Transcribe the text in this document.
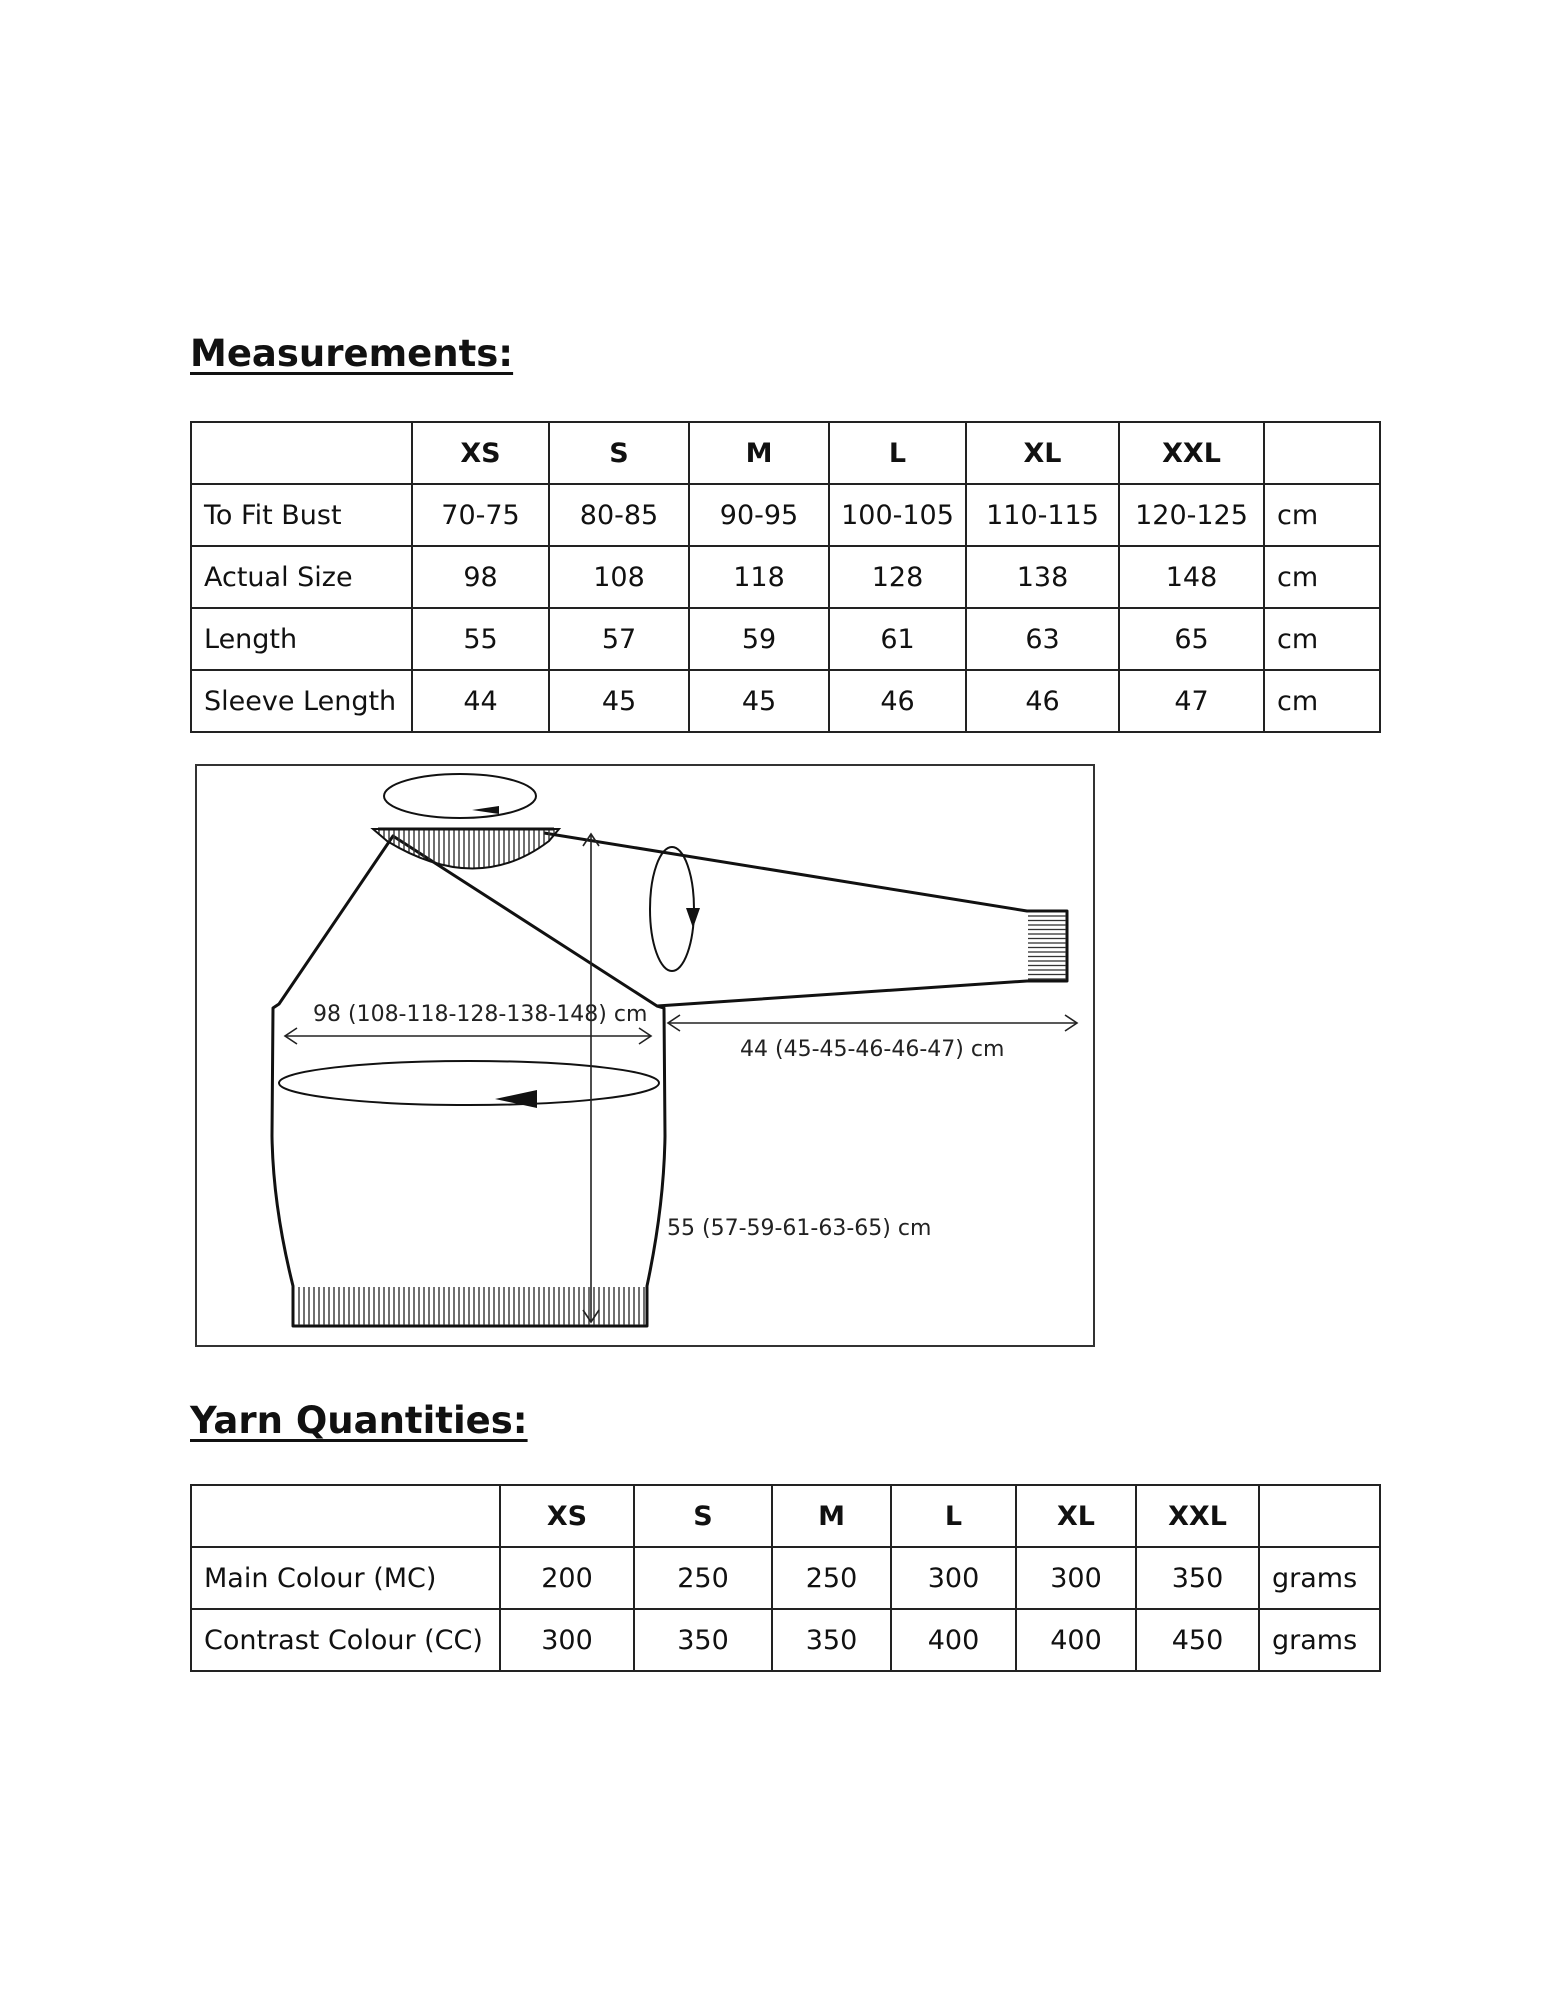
Measurements:
	XS	S	M	L	XL	XXL	
To Fit Bust	70-75	80-85	90-95	100-105	110-115	120-125	cm
Actual Size	98	108	118	128	138	148	cm
Length	55	57	59	61	63	65	cm
Sleeve Length	44	45	45	46	46	47	cm
98 (108-118-128-138-148) cm
44 (45-45-46-46-47) cm
55 (57-59-61-63-65) cm
Yarn Quantities:
	XS	S	M	L	XL	XXL	
Main Colour (MC)	200	250	250	300	300	350	grams
Contrast Colour (CC)	300	350	350	400	400	450	grams
